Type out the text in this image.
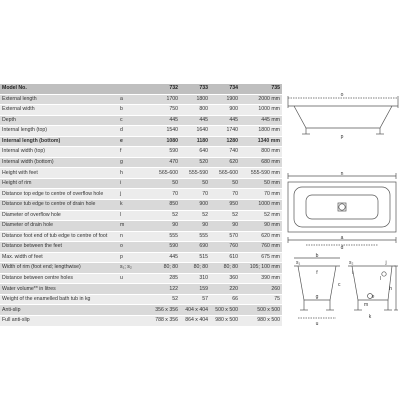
Model No.		732	733	734	735
External length	a	1700	1800	1900	2000 mm
External width	b	750	800	900	1000 mm
Depth	c	445	445	445	445 mm
Internal length (top)	d	1540	1640	1740	1800 mm
Internal length (bottom)	e	1080	1180	1280	1340 mm
Internal width (top)	f	590	640	740	800 mm
Internal width (bottom)	g	470	520	620	680 mm
Height with feet	h	565-600	555-590	565-600	555-590 mm
Height of rim	i	50	50	50	50 mm
Distance top edge to centre of overflow hole	j	70	70	70	70 mm
Distance tub edge to centre of drain hole	k	850	900	950	1000 mm
Diameter of overflow hole	l	52	52	52	52 mm
Diameter of drain hole	m	90	90	90	90 mm
Distance foot end of tub edge to centre of foot	n	555	555	570	620 mm
Distance between the feet	o	590	690	760	760 mm
Max. width of feet	p	445	515	610	675 mm
Width of rim (foot end; lengthwise)	s₁; s₂	80; 80	80; 80	80; 80	105; 100 mm
Distance between centre holes	u	285	310	360	390 mm
Water volume** in litres		122	159	220	260
Weight of the enamelled bath tub in kg		52	57	66	75
Anti-slip		356 x 356	404 x 404	500 x 500	500 x 500
Full anti-slip		788 x 356	864 x 404	980 x 500	980 x 500
o
p
n
a
d
b
f
g	e
h
u
k
j
s₁	s₂
l
i
c
m
